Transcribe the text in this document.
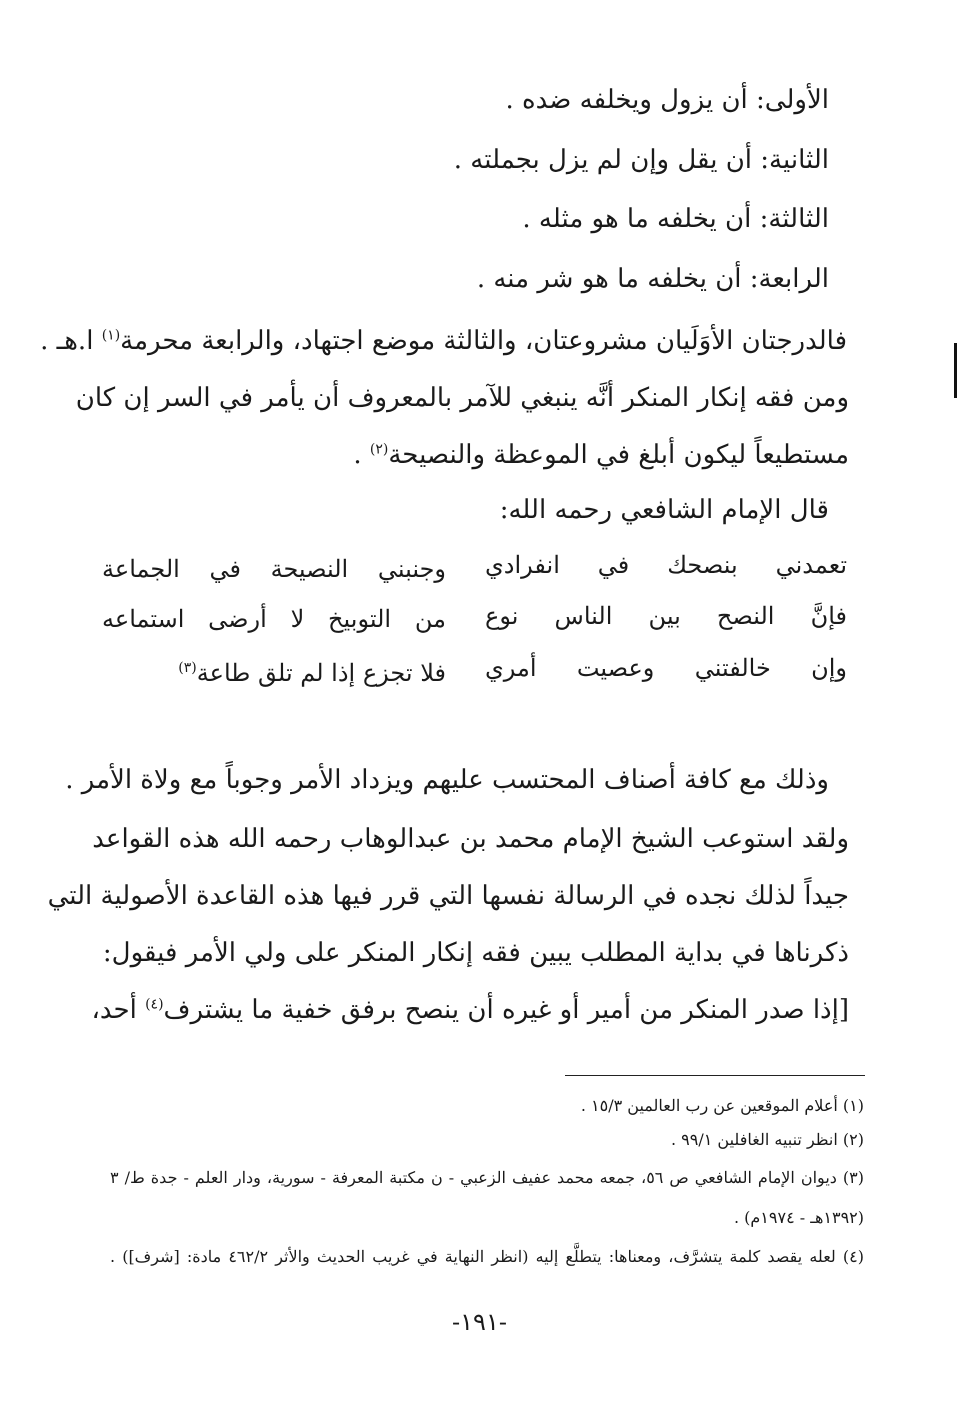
الأولى: أن يزول ويخلفه ضده .
الثانية: أن يقل وإن لم يزل بجملته .
الثالثة: أن يخلفه ما هو مثله .
الرابعة: أن يخلفه ما هو شر منه .
فالدرجتان الأوَلَيان مشروعتان، والثالثة موضع اجتهاد، والرابعة محرمة$^{(١)}$ ا.هـ .
ومن فقه إنكار المنكر أنَّه ينبغي للآمر بالمعروف أن يأمر في السر إن كان
مستطيعاً ليكون أبلغ في الموعظة والنصيحة$^{(٢)}$ .
قال الإمام الشافعي رحمه الله:
تعمدني بنصحك في انفرادي
وجنبني النصيحة في الجماعة
فإنَّ النصح بين الناس نوع
من التوبيخ لا أرضى استماعه
وإن خالفتني وعصيت أمري
فلا تجزع إذا لم تلق طاعة$^{(٣)}$
وذلك مع كافة أصناف المحتسب عليهم ويزداد الأمر وجوباً مع ولاة الأمر .
ولقد استوعب الشيخ الإمام محمد بن عبدالوهاب رحمه الله هذه القواعد
جيداً لذلك نجده في الرسالة نفسها التي قرر فيها هذه القاعدة الأصولية التي
ذكرناها في بداية المطلب يبين فقه إنكار المنكر على ولي الأمر فيقول:
[إذا صدر المنكر من أمير أو غيره أن ينصح برفق خفية ما يشترف$^{(٤)}$ أحد،
(١) أعلام الموقعين عن رب العالمين ١٥/٣ .
(٢) انظر تنبيه الغافلين ٩٩/١ .
(٣) ديوان الإمام الشافعي ص ٥٦، جمعه محمد عفيف الزعبي - ن مكتبة المعرفة - سورية، ودار العلم - جدة ط/ ٣
(١٣٩٢هـ - ١٩٧٤م) .
(٤) لعله يقصد كلمة يتشرَّف، ومعناها: يتطلَّع إليه (انظر النهاية في غريب الحديث والأثر ٤٦٢/٢ مادة: [شرف]) .
-١٩١-
